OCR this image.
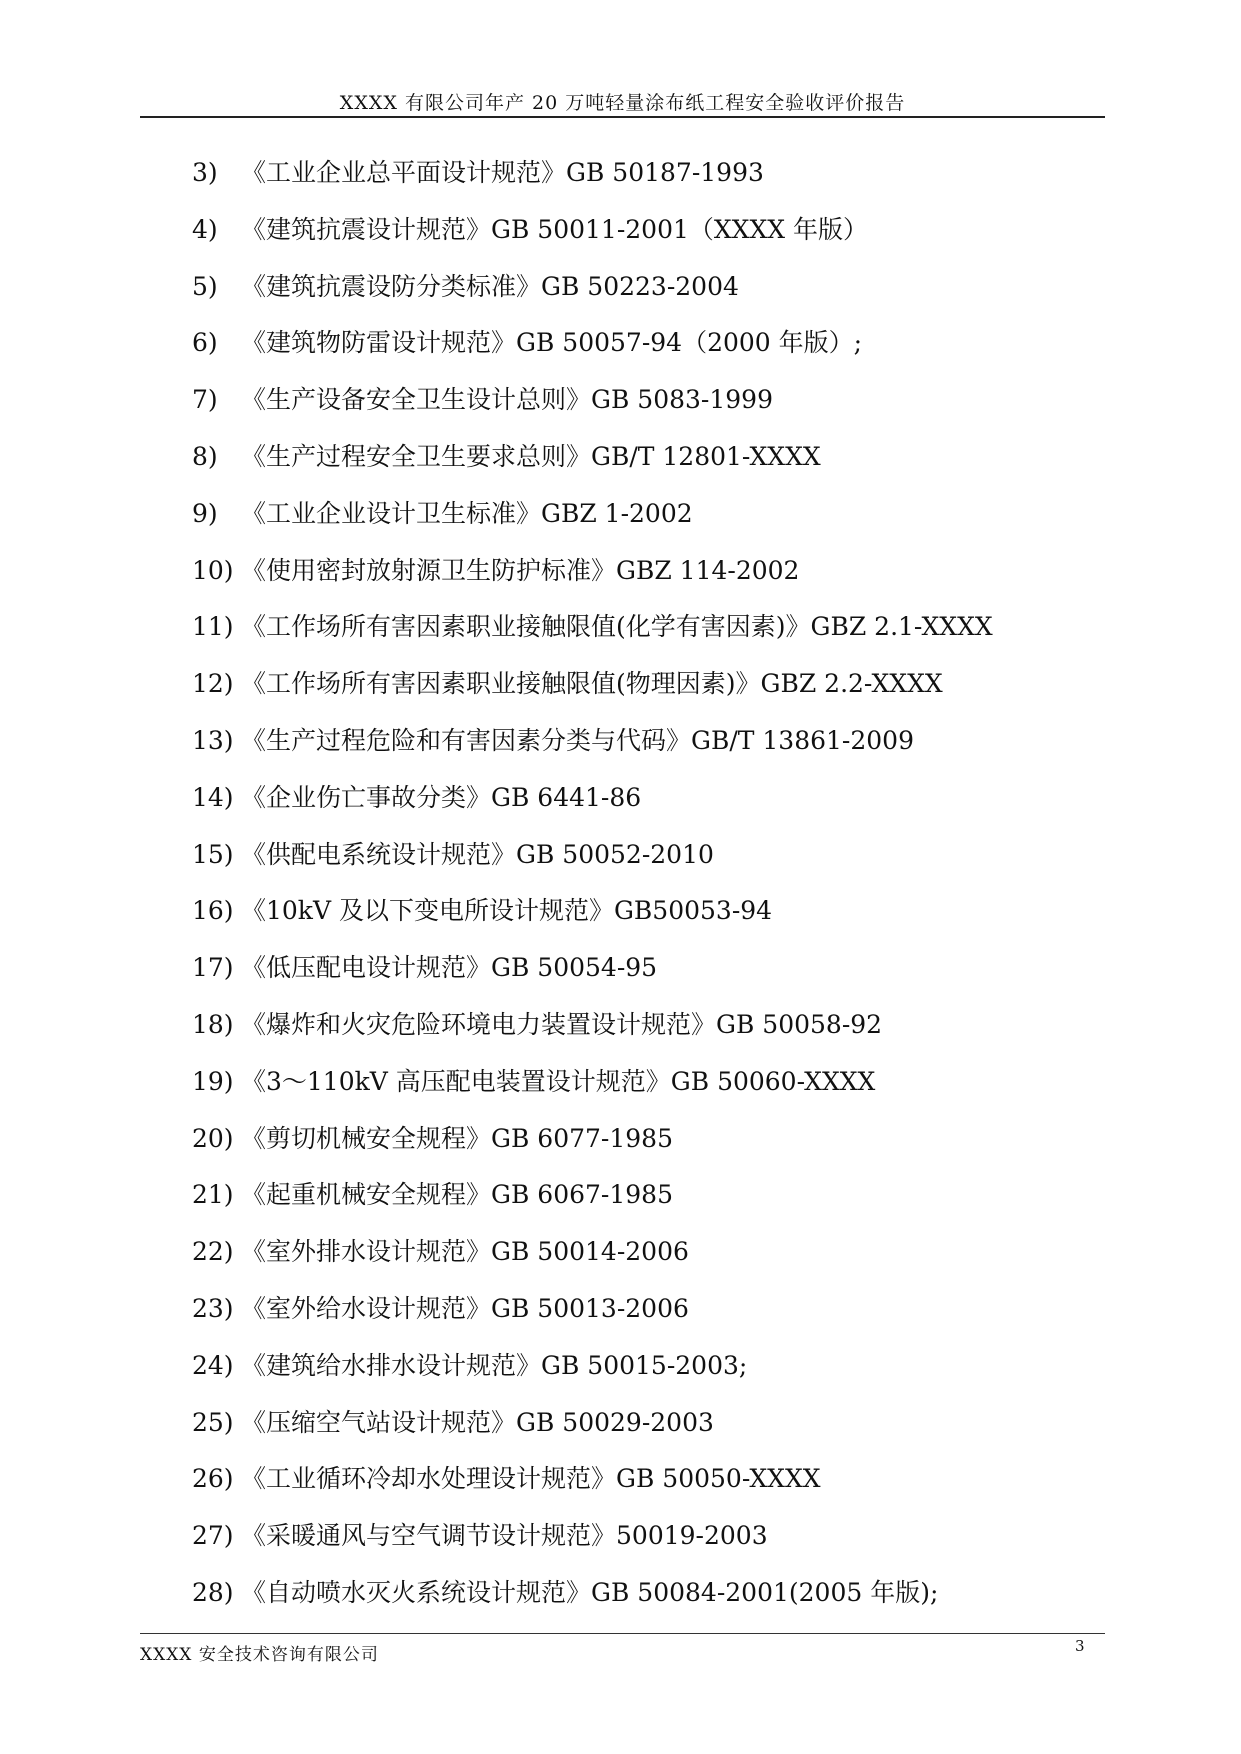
XXXX 有限公司年产 20 万吨轻量涂布纸工程安全验收评价报告
3) 《工业企业总平面设计规范》GB 50187-1993
4) 《建筑抗震设计规范》GB 50011-2001（XXXX 年版）
5) 《建筑抗震设防分类标准》GB 50223-2004
6) 《建筑物防雷设计规范》GB 50057-94（2000 年版）;
7) 《生产设备安全卫生设计总则》GB 5083-1999
8) 《生产过程安全卫生要求总则》GB/T 12801-XXXX
9) 《工业企业设计卫生标准》GBZ 1-2002
10) 《使用密封放射源卫生防护标准》GBZ 114-2002
11) 《工作场所有害因素职业接触限值(化学有害因素)》GBZ 2.1-XXXX
12) 《工作场所有害因素职业接触限值(物理因素)》GBZ 2.2-XXXX
13) 《生产过程危险和有害因素分类与代码》GB/T 13861-2009
14) 《企业伤亡事故分类》GB 6441-86
15) 《供配电系统设计规范》GB 50052-2010
16) 《10kV 及以下变电所设计规范》GB50053-94
17) 《低压配电设计规范》GB 50054-95
18) 《爆炸和火灾危险环境电力装置设计规范》GB 50058-92
19) 《3～110kV 高压配电装置设计规范》GB 50060-XXXX
20) 《剪切机械安全规程》GB 6077-1985
21) 《起重机械安全规程》GB 6067-1985
22) 《室外排水设计规范》GB 50014-2006
23) 《室外给水设计规范》GB 50013-2006
24) 《建筑给水排水设计规范》GB 50015-2003;
25) 《压缩空气站设计规范》GB 50029-2003
26) 《工业循环冷却水处理设计规范》GB 50050-XXXX
27) 《采暖通风与空气调节设计规范》50019-2003
28) 《自动喷水灭火系统设计规范》GB 50084-2001(2005 年版);
XXXX 安全技术咨询有限公司	3
